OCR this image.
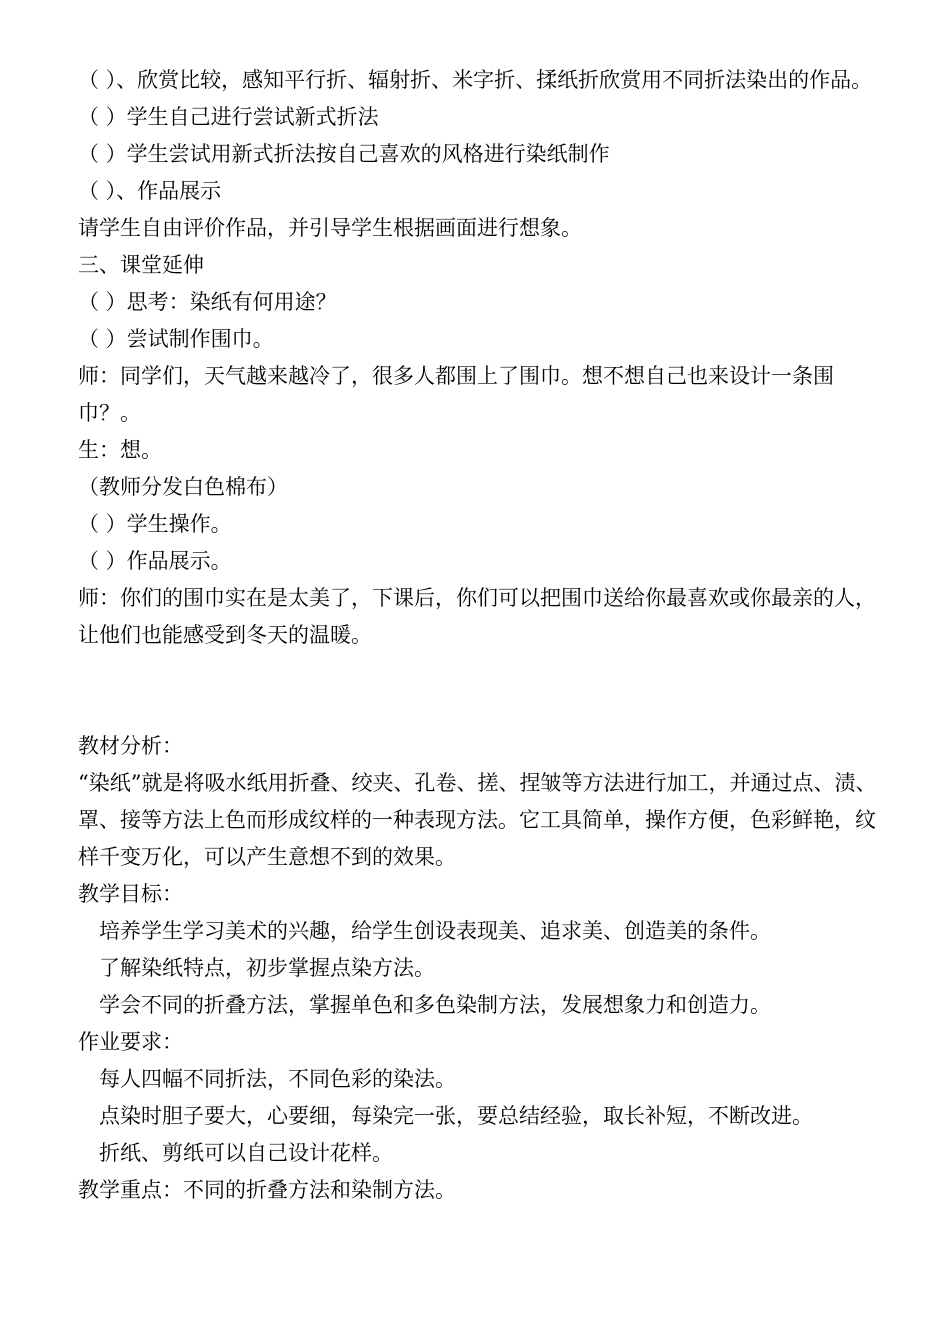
（ ）、欣赏比较，感知平行折、辐射折、米字折、揉纸折欣赏用不同折法染出的作品。

（ ）学生自己进行尝试新式折法

（ ）学生尝试用新式折法按自己喜欢的风格进行染纸制作

（ ）、作品展示

请学生自由评价作品，并引导学生根据画面进行想象。

三、课堂延伸

（ ）思考：染纸有何用途？

（ ）尝试制作围巾。

师：同学们，天气越来越冷了，很多人都围上了围巾。想不想自己也来设计一条围巾？。

生：想。

（教师分发白色棉布）

（ ）学生操作。

（ ）作品展示。

师：你们的围巾实在是太美了，下课后，你们可以把围巾送给你最喜欢或你最亲的人，让他们也能感受到冬天的温暖。

教材分析：

“染纸”就是将吸水纸用折叠、绞夹、孔卷、搓、捏皱等方法进行加工，并通过点、渍、罩、接等方法上色而形成纹样的一种表现方法。它工具简单，操作方便，色彩鲜艳，纹样千变万化，可以产生意想不到的效果。

教学目标：

培养学生学习美术的兴趣，给学生创设表现美、追求美、创造美的条件。

了解染纸特点，初步掌握点染方法。

学会不同的折叠方法，掌握单色和多色染制方法，发展想象力和创造力。

作业要求：

每人四幅不同折法，不同色彩的染法。

点染时胆子要大，心要细，每染完一张，要总结经验，取长补短，不断改进。

折纸、剪纸可以自己设计花样。

教学重点：不同的折叠方法和染制方法。
